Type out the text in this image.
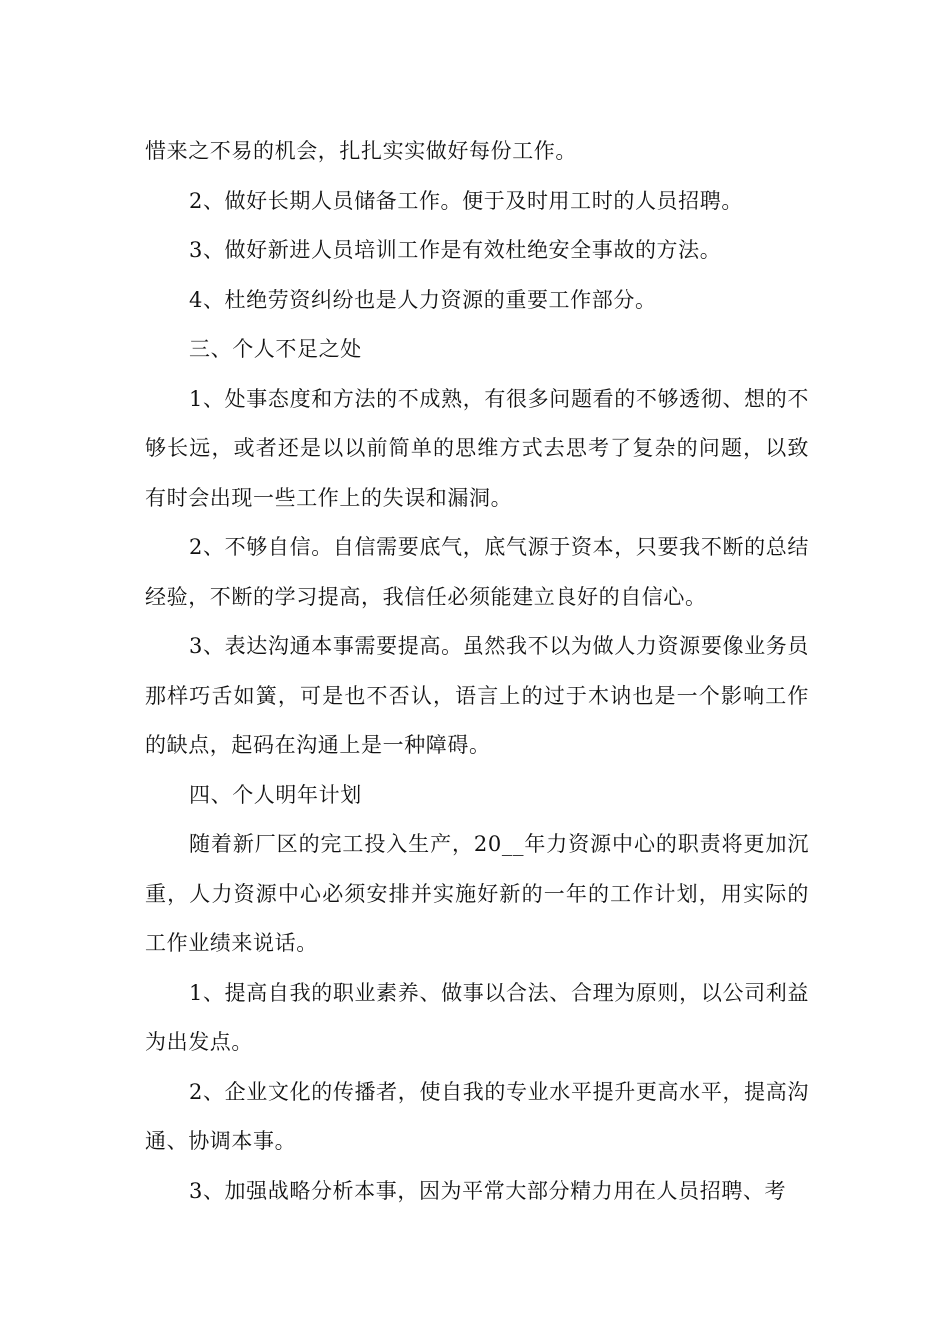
惜来之不易的机会，扎扎实实做好每份工作。

2、做好长期人员储备工作。便于及时用工时的人员招聘。

3、做好新进人员培训工作是有效杜绝安全事故的方法。

4、杜绝劳资纠纷也是人力资源的重要工作部分。

三、个人不足之处

1、处事态度和方法的不成熟，有很多问题看的不够透彻、想的不够长远，或者还是以以前简单的思维方式去思考了复杂的问题，以致有时会出现一些工作上的失误和漏洞。

2、不够自信。自信需要底气，底气源于资本，只要我不断的总结经验，不断的学习提高，我信任必须能建立良好的自信心。

3、表达沟通本事需要提高。虽然我不以为做人力资源要像业务员那样巧舌如簧，可是也不否认，语言上的过于木讷也是一个影响工作的缺点，起码在沟通上是一种障碍。

四、个人明年计划

随着新厂区的完工投入生产，20__年力资源中心的职责将更加沉重，人力资源中心必须安排并实施好新的一年的工作计划，用实际的工作业绩来说话。

1、提高自我的职业素养、做事以合法、合理为原则，以公司利益为出发点。

2、企业文化的传播者，使自我的专业水平提升更高水平，提高沟通、协调本事。

3、加强战略分析本事，因为平常大部分精力用在人员招聘、考
